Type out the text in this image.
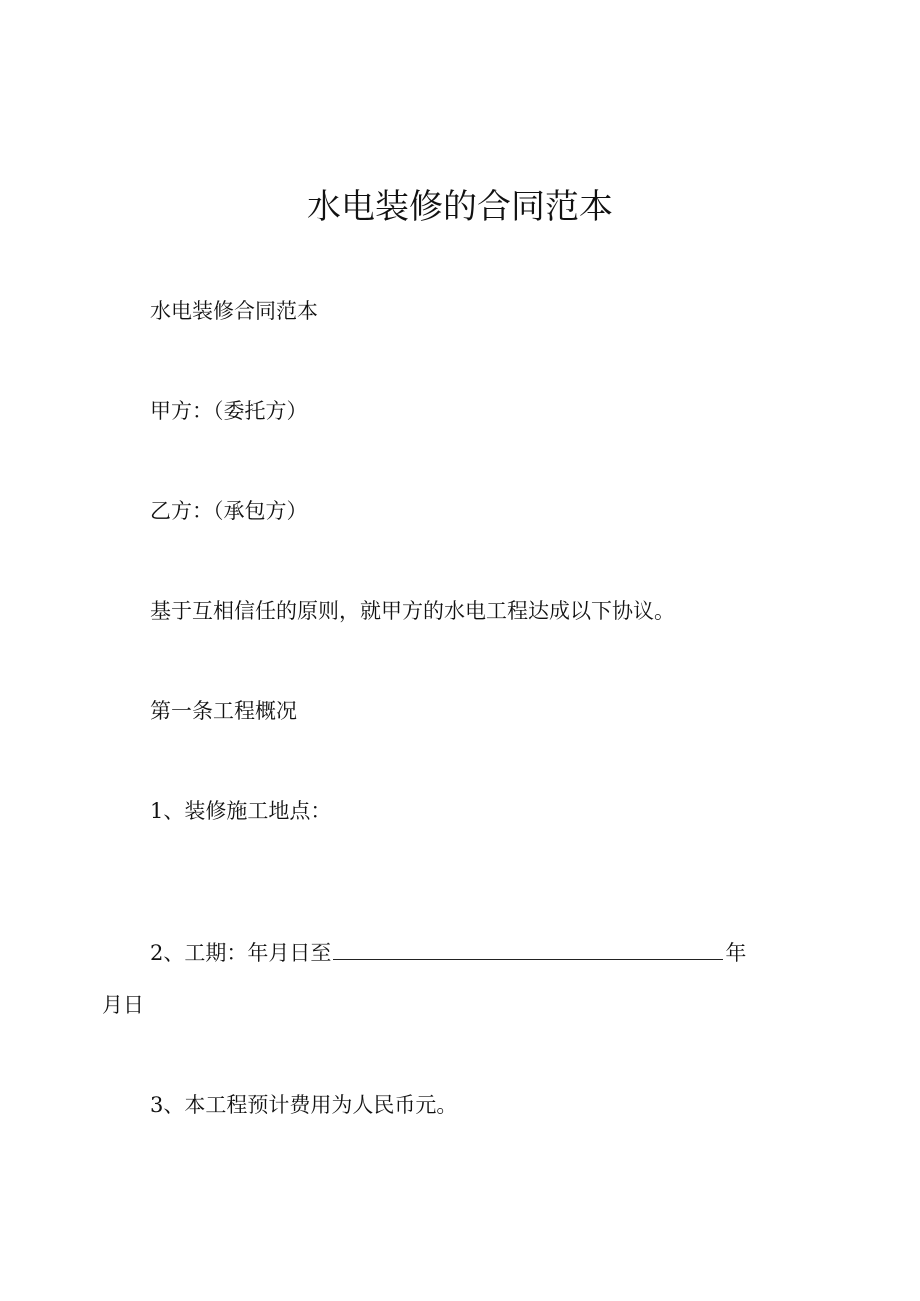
水电装修的合同范本

水电装修合同范本

甲方：（委托方）

乙方：（承包方）

基于互相信任的原则，就甲方的水电工程达成以下协议。

第一条工程概况

1、装修施工地点：

2、工期：年月日至	年

月日

3、本工程预计费用为人民币元。
